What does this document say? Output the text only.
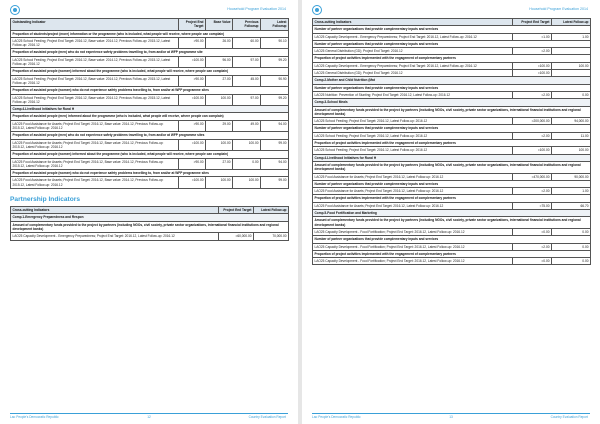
Household Program Evaluation 2014
Outstanding Indicator	Project End Target	Base Value	Previous Followup	Latest Followup
Proportion of students/project (more) information or the programme (who is included, what people will receive, where people can complain)				
LAO25 School Feeding; Project End Target: 2016.12, Base value: 2014.12, Previous Follow-up: 2015.12, Latest Follow-up: 2016.12	>90.00	26.00	60.00	90.10
Proportion of assisted people (men) who do not experience safety problems travelling to, from and/or at WFP programme site				
LAO25 School Feeding; Project End Target: 2016.12, Base value: 2014.12, Previous Follow-up: 2015.12, Latest Follow-up: 2016.12	=100.00	96.00	97.00	99.20
Proportion of assisted people (women) informed about the programme (who is included, what people will receive, where people can complain)				
LAO25 School Feeding; Project End Target: 2016.12, Base value: 2014.12, Previous Follow-up: 2015.12, Latest Follow-up: 2016.12	>90.00	27.00	45.00	90.90
Proportion of assisted people (women) who do not experience safety problems travelling to, from and/or at WFP programme sites				
LAO25 School Feeding; Project End Target: 2016.12, Base value: 2014.12, Previous Follow-up: 2015.12, Latest Follow-up: 2016.12	=100.00	100.00	97.00	99.20
Comp.4-Livelihood Initiatives for Rural H				
Proportion of assisted people (men) informed about the programme (who is included, what people will receive, where people can complain)				
LAO25 Food Assistance for Assets; Project End Target: 2016.12, Base value: 2014.12, Previous Follow-up: 2015.12, Latest Follow-up: 2016.12	>90.00	29.00	49.00	94.00
Proportion of assisted people (men) who do not experience safety problems travelling to, from and/or at WFP programme sites				
LAO25 Food Assistance for Assets; Project End Target: 2016.12, Base value: 2014.12, Previous Follow-up: 2015.12, Latest Follow-up: 2016.12	=100.00	100.00	100.00	99.00
Proportion of assisted people (women) informed about the programme (who is included, what people will receive, where people can complain)				
LAO25 Food Assistance for Assets; Project End Target: 2016.12, Base value: 2014.12, Previous Follow-up: 2015.12, Latest Follow-up: 2016.12	>90.00	27.00	0.00	94.00
Proportion of assisted people (women) who do not experience safety problems travelling to, from and/or at WFP programme sites				
LAO25 Food Assistance for Assets; Project End Target: 2016.12, Base value: 2014.12, Previous Follow-up: 2015.12, Latest Follow-up: 2016.12	=100.00	100.00	100.00	99.00
Partnership Indicators
Cross-cutting Indicators	Project End Target	Latest Follow-up
Comp.1-Emergency Preparedness and Respon		
Amount of complementary funds provided to the project by partners (including NGOs, civil society, private sector organizations, international financial institutions and regional development banks)		
LAO25 Capacity Development - Emergency Preparedness; Project End Target: 2016.12, Latest Follow-up: 2016.12	=60,000.00	70,000.00
Lao People's Democratic Republic	12	Country Evaluation Report
Household Program Evaluation 2014
Cross-cutting Indicators	Project End Target	Latest Follow-up
Number of partner organizations that provide complementary inputs and services		
LAO25 Capacity Development - Emergency Preparedness; Project End Target: 2016.12, Latest Follow-up: 2016.12	=1.00	1.00
Number of partner organizations that provide complementary inputs and services		
LAO25 General Distribution (GD); Project End Target: 2016.12	=2.00	
Proportion of project activities implemented with the engagement of complementary partners		
LAO25 Capacity Development - Emergency Preparedness; Project End Target: 2016.12, Latest Follow-up: 2016.12	=100.00	100.00
LAO25 General Distribution (GD); Project End Target: 2016.12	=100.00	
Comp.2-Mother and Child Nutrition (Mat		
Number of partner organizations that provide complementary inputs and services		
LAO25 Nutrition: Prevention of Stunting; Project End Target: 2016.12, Latest Follow-up: 2016.12	=2.00	0.00
Comp.3-School Meals		
Amount of complementary funds provided to the project by partners (including NGOs, civil society, private sector organizations, international financial institutions and regional development banks)		
LAO25 School Feeding; Project End Target: 2016.12, Latest Follow-up: 2016.12	=200,000.00	94,000.00
Number of partner organizations that provide complementary inputs and services		
LAO25 School Feeding; Project End Target: 2016.12, Latest Follow-up: 2016.12	=2.00	11.00
Proportion of project activities implemented with the engagement of complementary partners		
LAO25 School Feeding; Project End Target: 2016.12, Latest Follow-up: 2016.12	=100.00	100.00
Comp.4-Livelihood Initiatives for Rural H		
Amount of complementary funds provided to the project by partners (including NGOs, civil society, private sector organizations, international financial institutions and regional development banks)		
LAO25 Food Assistance for Assets; Project End Target: 2016.12, Latest Follow-up: 2016.12	=470,000.00	90,000.00
Number of partner organizations that provide complementary inputs and services		
LAO25 Food Assistance for Assets; Project End Target: 2016.12, Latest Follow-up: 2016.12	=2.00	1.00
Proportion of project activities implemented with the engagement of complementary partners		
LAO25 Food Assistance for Assets; Project End Target: 2016.12, Latest Follow-up: 2016.12	=75.00	66.70
Comp.5-Food Fortification and Marketing		
Amount of complementary funds provided to the project by partners (including NGOs, civil society, private sector organizations, international financial institutions and regional development banks)		
LAO25 Capacity Development - Food Fortification; Project End Target: 2016.12, Latest Follow-up: 2016.12	=0.00	0.00
Number of partner organizations that provide complementary inputs and services		
LAO25 Capacity Development - Food Fortification; Project End Target: 2016.12, Latest Follow-up: 2016.12	=2.00	0.00
Proportion of project activities implemented with the engagement of complementary partners		
LAO25 Capacity Development - Food Fortification; Project End Target: 2016.12, Latest Follow-up: 2016.12	=0.00	0.00
Lao People's Democratic Republic	13	Country Evaluation Report
